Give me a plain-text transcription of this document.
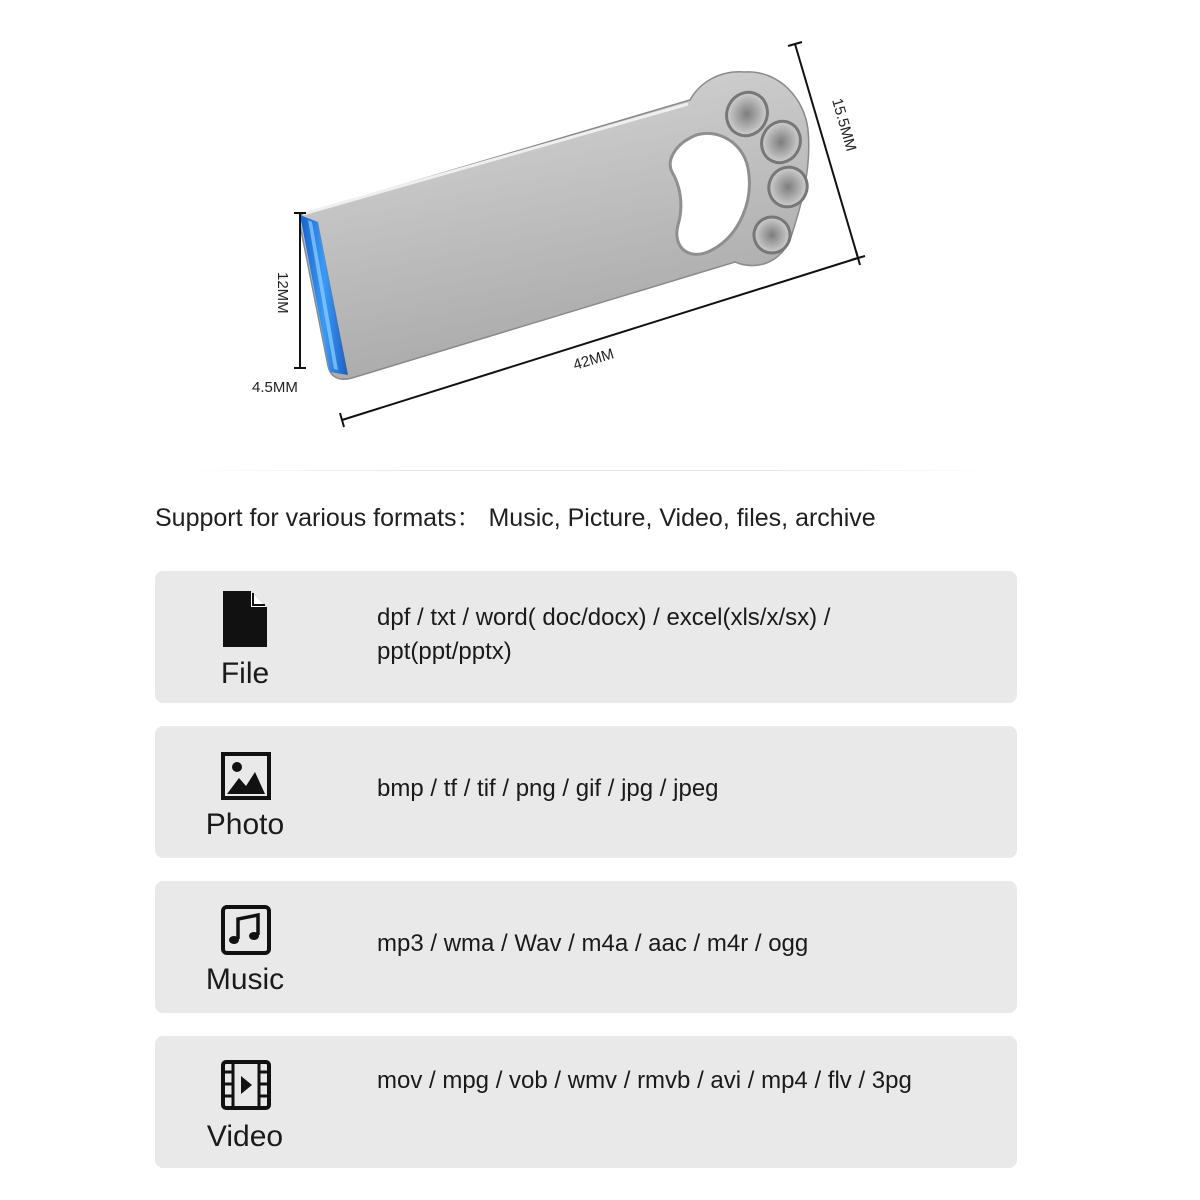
15.5MM
12MM
42MM
4.5MM
Support for various formats： Music, Picture, Video, files, archive
File
dpf / txt / word( doc/docx) / excel(xls/x/sx) / ppt(ppt/pptx)
Photo
bmp / tf / tif / png / gif / jpg / jpeg
Music
mp3 / wma / Wav / m4a / aac / m4r / ogg
Video
mov / mpg / vob / wmv / rmvb / avi / mp4 / flv / 3pg
